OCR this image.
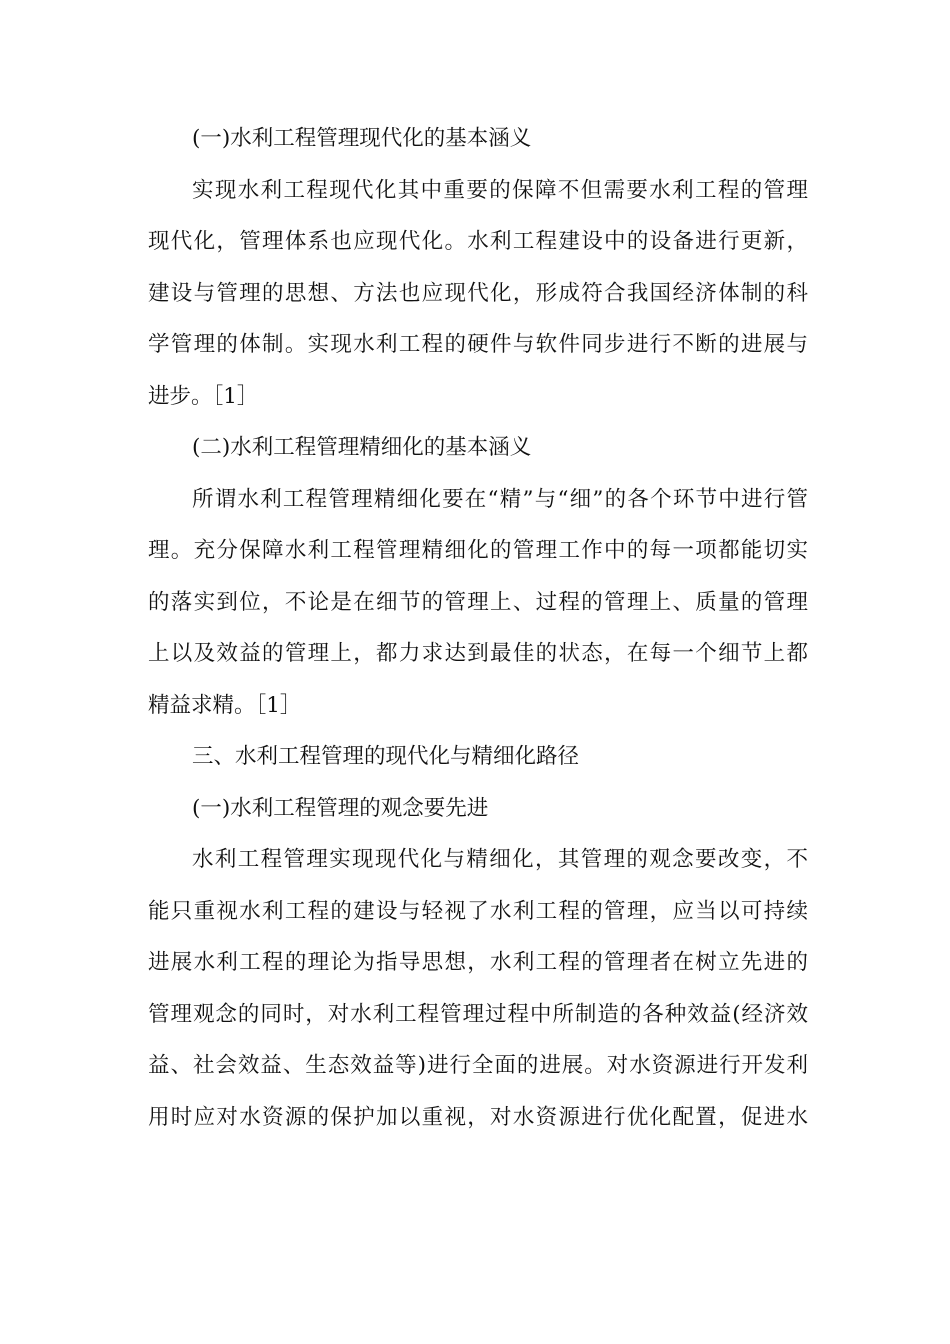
(一)水利工程管理现代化的基本涵义
实现水利工程现代化其中重要的保障不但需要水利工程的管理
现代化，管理体系也应现代化。水利工程建设中的设备进行更新，
建设与管理的思想、方法也应现代化，形成符合我国经济体制的科
学管理的体制。实现水利工程的硬件与软件同步进行不断的进展与
进步。［1］
(二)水利工程管理精细化的基本涵义
所谓水利工程管理精细化要在“精”与“细”的各个环节中进行管
理。充分保障水利工程管理精细化的管理工作中的每一项都能切实
的落实到位，不论是在细节的管理上、过程的管理上、质量的管理
上以及效益的管理上，都力求达到最佳的状态，在每一个细节上都
精益求精。［1］
三、水利工程管理的现代化与精细化路径
(一)水利工程管理的观念要先进
水利工程管理实现现代化与精细化，其管理的观念要改变，不
能只重视水利工程的建设与轻视了水利工程的管理，应当以可持续
进展水利工程的理论为指导思想，水利工程的管理者在树立先进的
管理观念的同时，对水利工程管理过程中所制造的各种效益(经济效
益、社会效益、生态效益等)进行全面的进展。对水资源进行开发利
用时应对水资源的保护加以重视，对水资源进行优化配置，促进水
